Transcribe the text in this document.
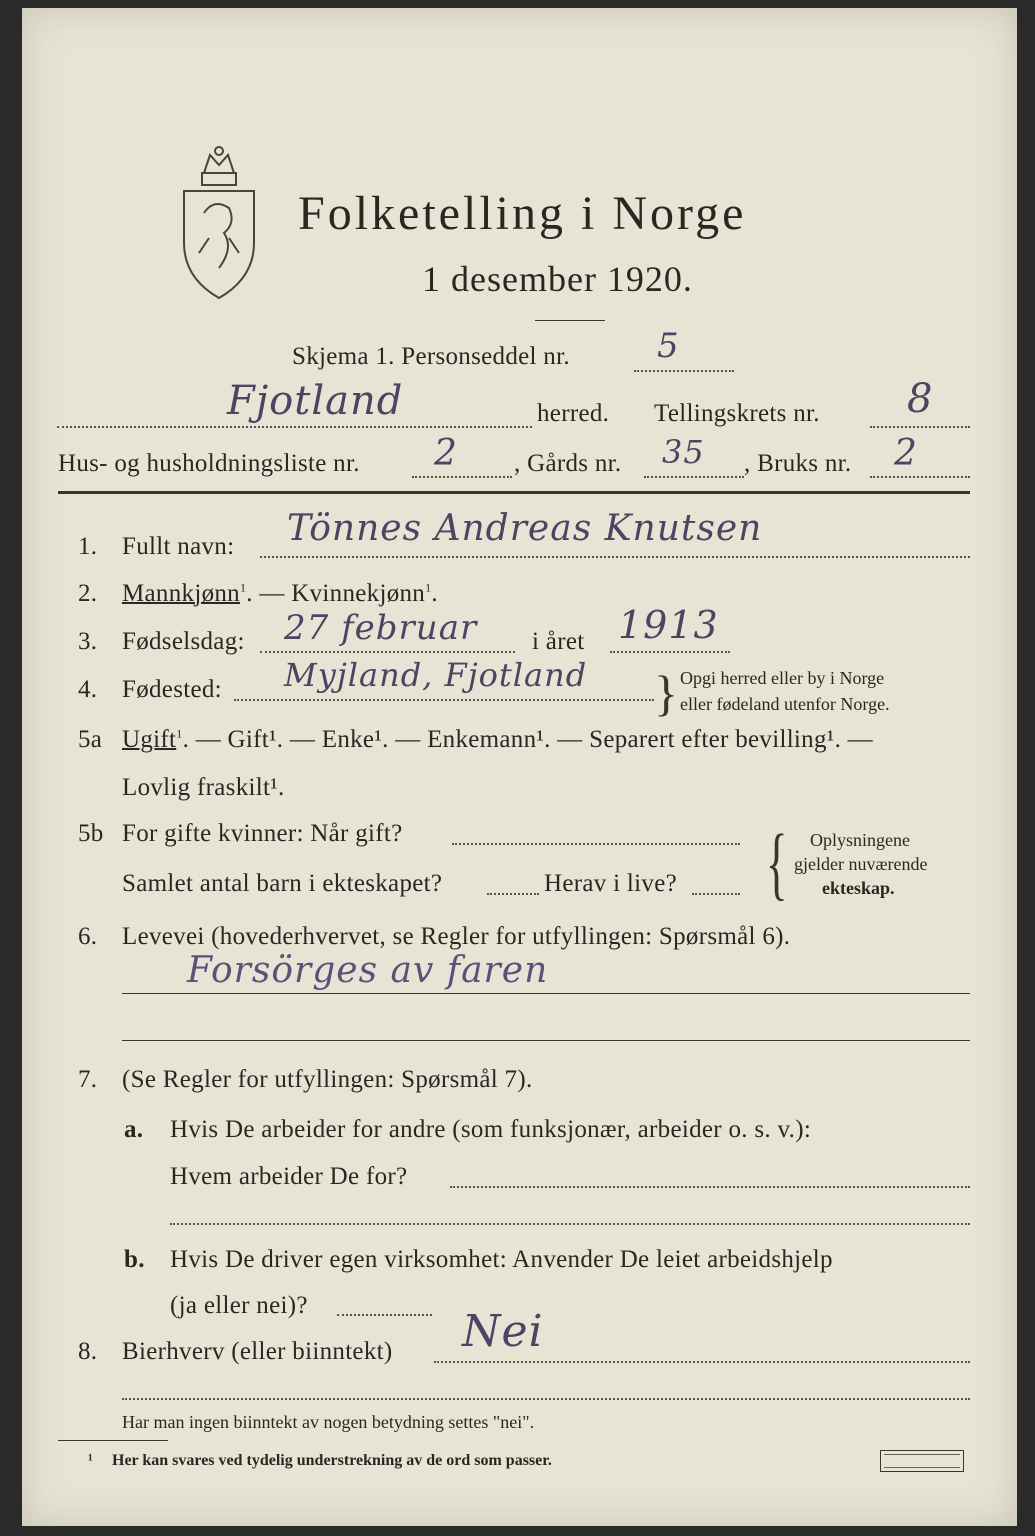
Folketelling i Norge
1 desember 1920.
Skjema 1. Personseddel nr.	5
Fjotland	herred. Tellingskrets nr. 8
Hus- og husholdningsliste nr. 2 , Gårds nr. 35 , Bruks nr. 2
1. Fullt navn: Tönnes Andreas Knutsen
2. Mannkjønn$^1$. — Kvinnekjønn$^1$.
3. Fødselsdag: 27 februar i året 1913
4. Fødested: Myjland, Fjotland } Opgi herred eller by i Norge
eller fødeland utenfor Norge.
5a Ugift$^1$. — Gift¹. — Enke¹. — Enkemann¹. — Separert efter bevilling¹. —
Lovlig fraskilt¹.
5b For gifte kvinner: Når gift?
Samlet antal barn i ekteskapet?	Herav i live? { Oplysningene
gjelder nuværende
ekteskap.
6. Levevei (hovederhvervet, se Regler for utfyllingen: Spørsmål 6).
Forsörges av faren
7. (Se Regler for utfyllingen: Spørsmål 7).
a. Hvis De arbeider for andre (som funksjonær, arbeider o. s. v.):
Hvem arbeider De for?
b. Hvis De driver egen virksomhet: Anvender De leiet arbeidshjelp
(ja eller nei)?
8. Bierhverv (eller biinntekt) Nei
Har man ingen biinntekt av nogen betydning settes "nei".
¹ Her kan svares ved tydelig understrekning av de ord som passer.
